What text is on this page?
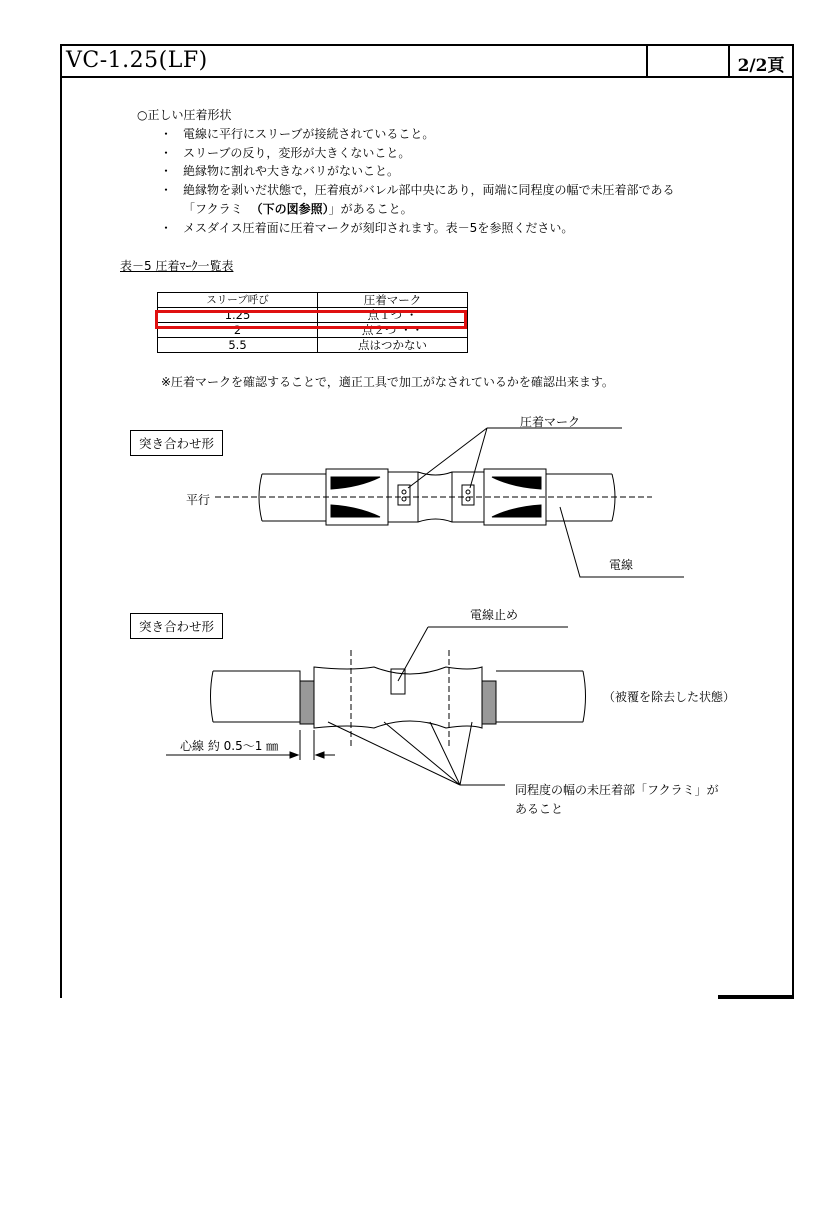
VC-1.25(LF)	2/2頁
○正しい圧着形状
・ 電線に平行にスリーブが接続されていること。
・ スリーブの反り，変形が大きくないこと。
・ 絶縁物に割れや大きなバリがないこと。
・ 絶縁物を剥いだ状態で，圧着痕がバレル部中央にあり，両端に同程度の幅で未圧着部である
「フクラミ （下の図参照）」があること。
・ メスダイス圧着面に圧着マークが刻印されます。表－5を参照ください。
表－5 圧着ﾏｰｸ一覧表
スリーブ呼び	圧着マーク
1.25	点１つ ・
2	点２つ ・・
5.5	点はつかない
※圧着マークを確認することで，適正工具で加工がなされているかを確認出来ます。
突き合わせ形
圧着マーク
平行
電線
突き合わせ形
電線止め
（被覆を除去した状態）
心線 約 0.5～1 ㎜
同程度の幅の未圧着部「フクラミ」が
あること
